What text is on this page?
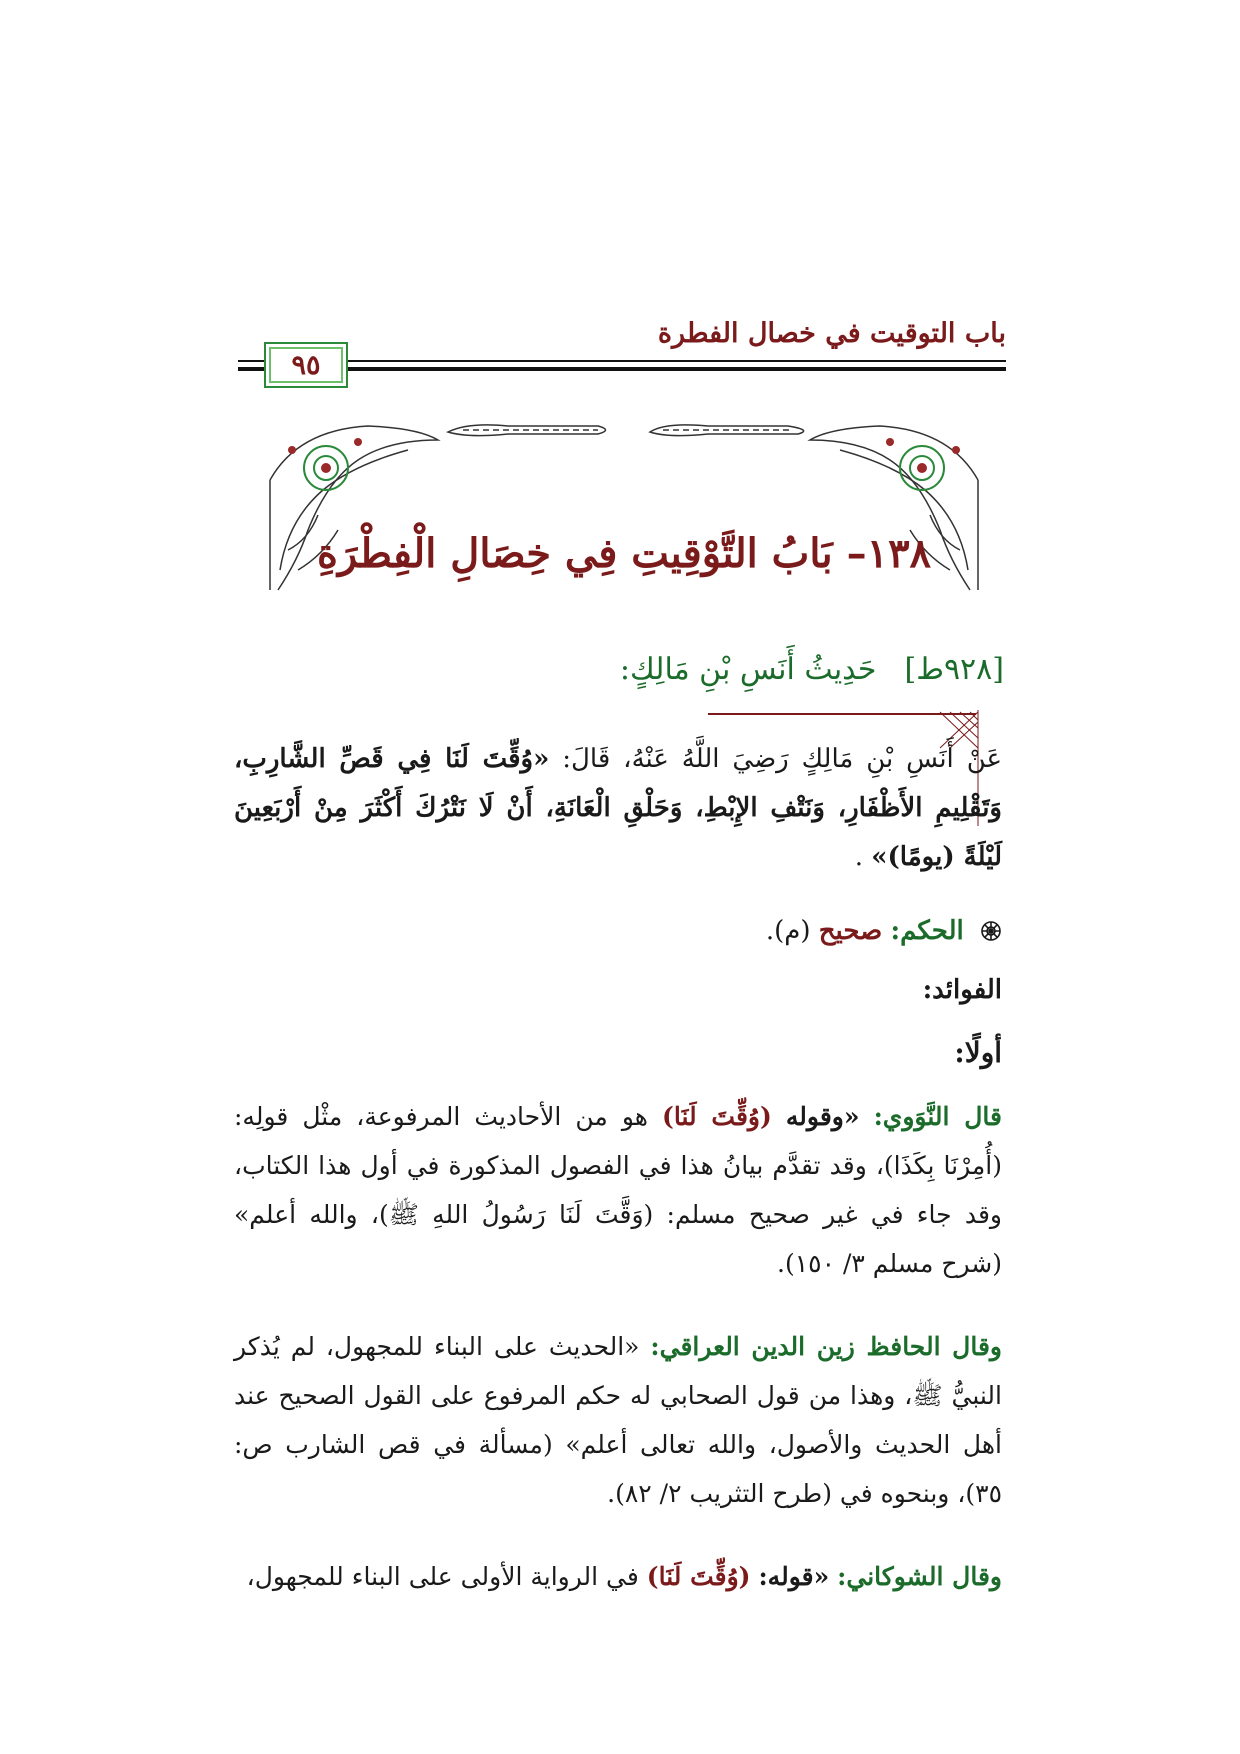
باب التوقيت في خصال الفطرة
٩٥
١٣٨– بَابُ التَّوْقِيتِ فِي خِصَالِ الْفِطْرَةِ
[٩٢٨ط]حَدِيثُ أَنَسِ بْنِ مَالِكٍ:
عَنْ أَنَسِ بْنِ مَالِكٍ رَضِيَ اللَّهُ عَنْهُ، قَالَ: «وُقِّتَ لَنَا فِي قَصِّ الشَّارِبِ، وَتَقْلِيمِ الأَظْفَارِ، وَنَتْفِ الإِبْطِ، وَحَلْقِ الْعَانَةِ، أَنْ لَا نَتْرُكَ أَكْثَرَ مِنْ أَرْبَعِينَ لَيْلَةً (يومًا)» .
الحكم: صحيح (م).
الفوائد:
أولًا:
قال النَّوَوي: «وقوله (وُقِّتَ لَنَا) هو من الأحاديث المرفوعة، مثْل قولِه: (أُمِرْنَا بِكَذَا)، وقد تقدَّم بيانُ هذا في الفصول المذكورة في أول هذا الكتاب، وقد جاء في غير صحيح مسلم: (وَقَّتَ لَنَا رَسُولُ اللهِ ﷺ)، والله أعلم» (شرح مسلم ٣/ ١٥٠).
وقال الحافظ زين الدين العراقي: «الحديث على البناء للمجهول، لم يُذكر النبيُّ ﷺ، وهذا من قول الصحابي له حكم المرفوع على القول الصحيح عند أهل الحديث والأصول، والله تعالى أعلم» (مسألة في قص الشارب ص: ٣٥)، وبنحوه في (طرح التثريب ٢/ ٨٢).
وقال الشوكاني: «قوله: (وُقِّتَ لَنَا) في الرواية الأولى على البناء للمجهول،
